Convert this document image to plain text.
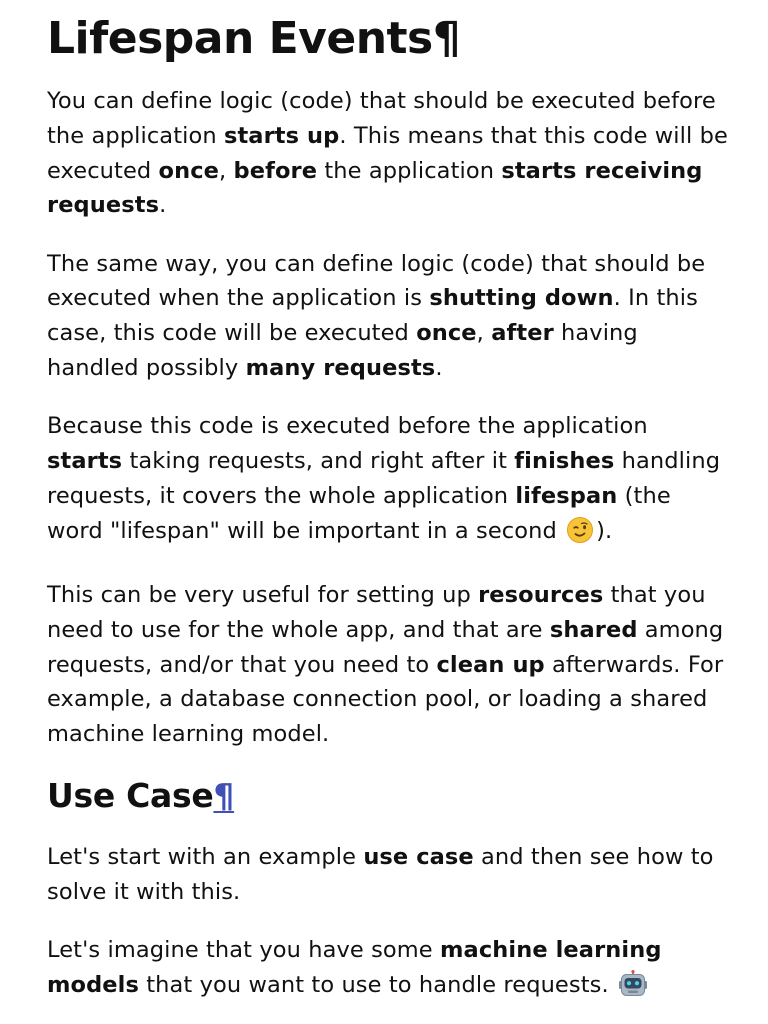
Lifespan Events¶

You can define logic (code) that should be executed before the application starts up. This means that this code will be executed once, before the application starts receiving requests.

The same way, you can define logic (code) that should be executed when the application is shutting down. In this case, this code will be executed once, after having handled possibly many requests.

Because this code is executed before the application starts taking requests, and right after it finishes handling requests, it covers the whole application lifespan (the word "lifespan" will be important in a second ).

This can be very useful for setting up resources that you need to use for the whole app, and that are shared among requests, and/or that you need to clean up afterwards. For example, a database connection pool, or loading a shared machine learning model.

Use Case¶

Let's start with an example use case and then see how to solve it with this.

Let's imagine that you have some machine learning models that you want to use to handle requests.
